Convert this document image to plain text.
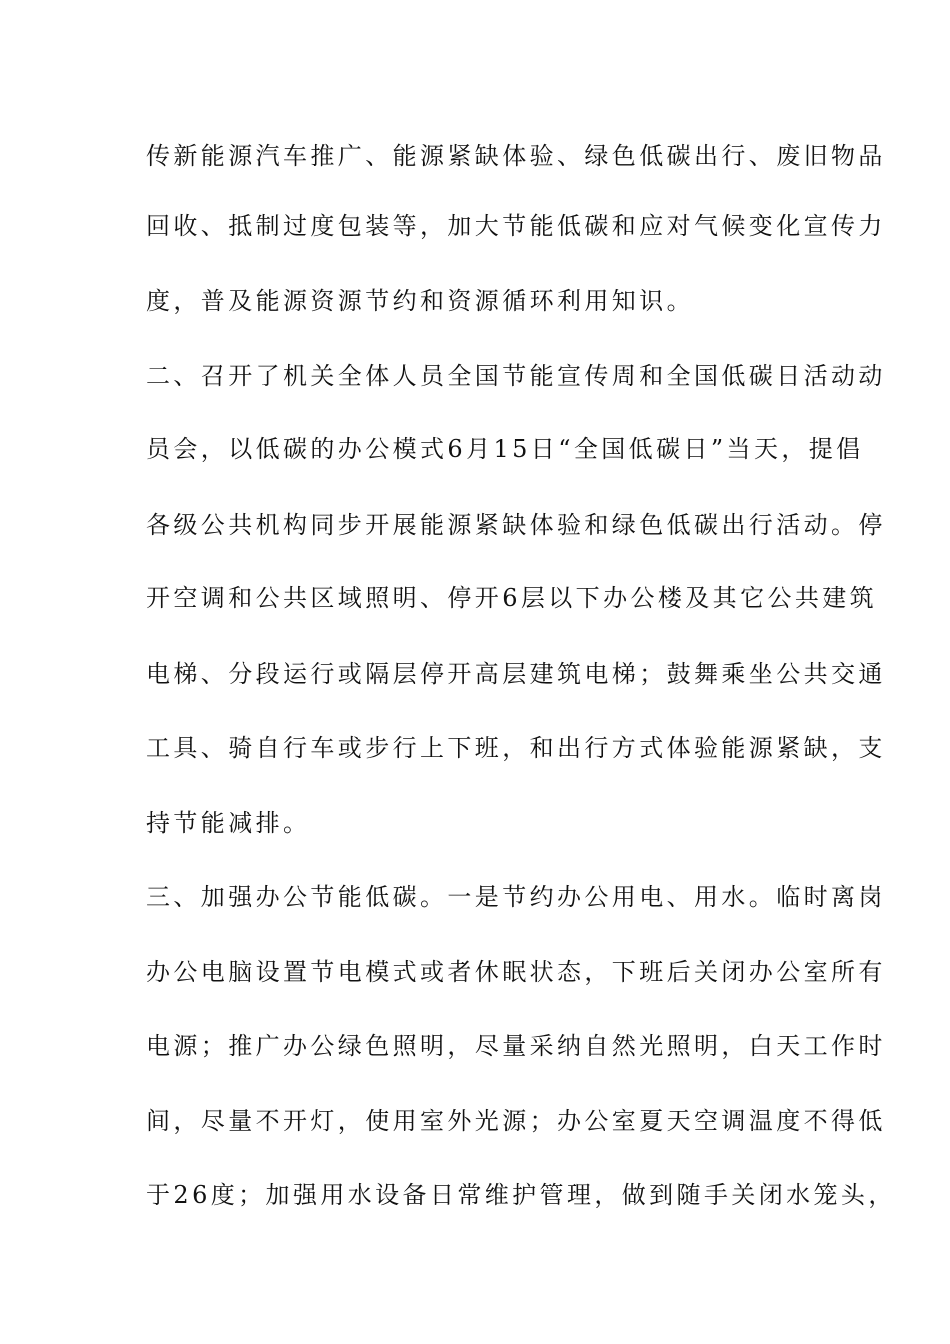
传新能源汽车推广、能源紧缺体验、绿色低碳出行、废旧物品
回收、抵制过度包装等，加大节能低碳和应对气候变化宣传力
度，普及能源资源节约和资源循环利用知识。
二、召开了机关全体人员全国节能宣传周和全国低碳日活动动
员会，以低碳的办公模式6月15日“全国低碳日”当天，提倡
各级公共机构同步开展能源紧缺体验和绿色低碳出行活动。停
开空调和公共区域照明、停开6层以下办公楼及其它公共建筑
电梯、分段运行或隔层停开高层建筑电梯；鼓舞乘坐公共交通
工具、骑自行车或步行上下班，和出行方式体验能源紧缺，支
持节能减排。
三、加强办公节能低碳。一是节约办公用电、用水。临时离岗
办公电脑设置节电模式或者休眠状态，下班后关闭办公室所有
电源；推广办公绿色照明，尽量采纳自然光照明，白天工作时
间，尽量不开灯，使用室外光源；办公室夏天空调温度不得低
于26度；加强用水设备日常维护管理，做到随手关闭水笼头，
